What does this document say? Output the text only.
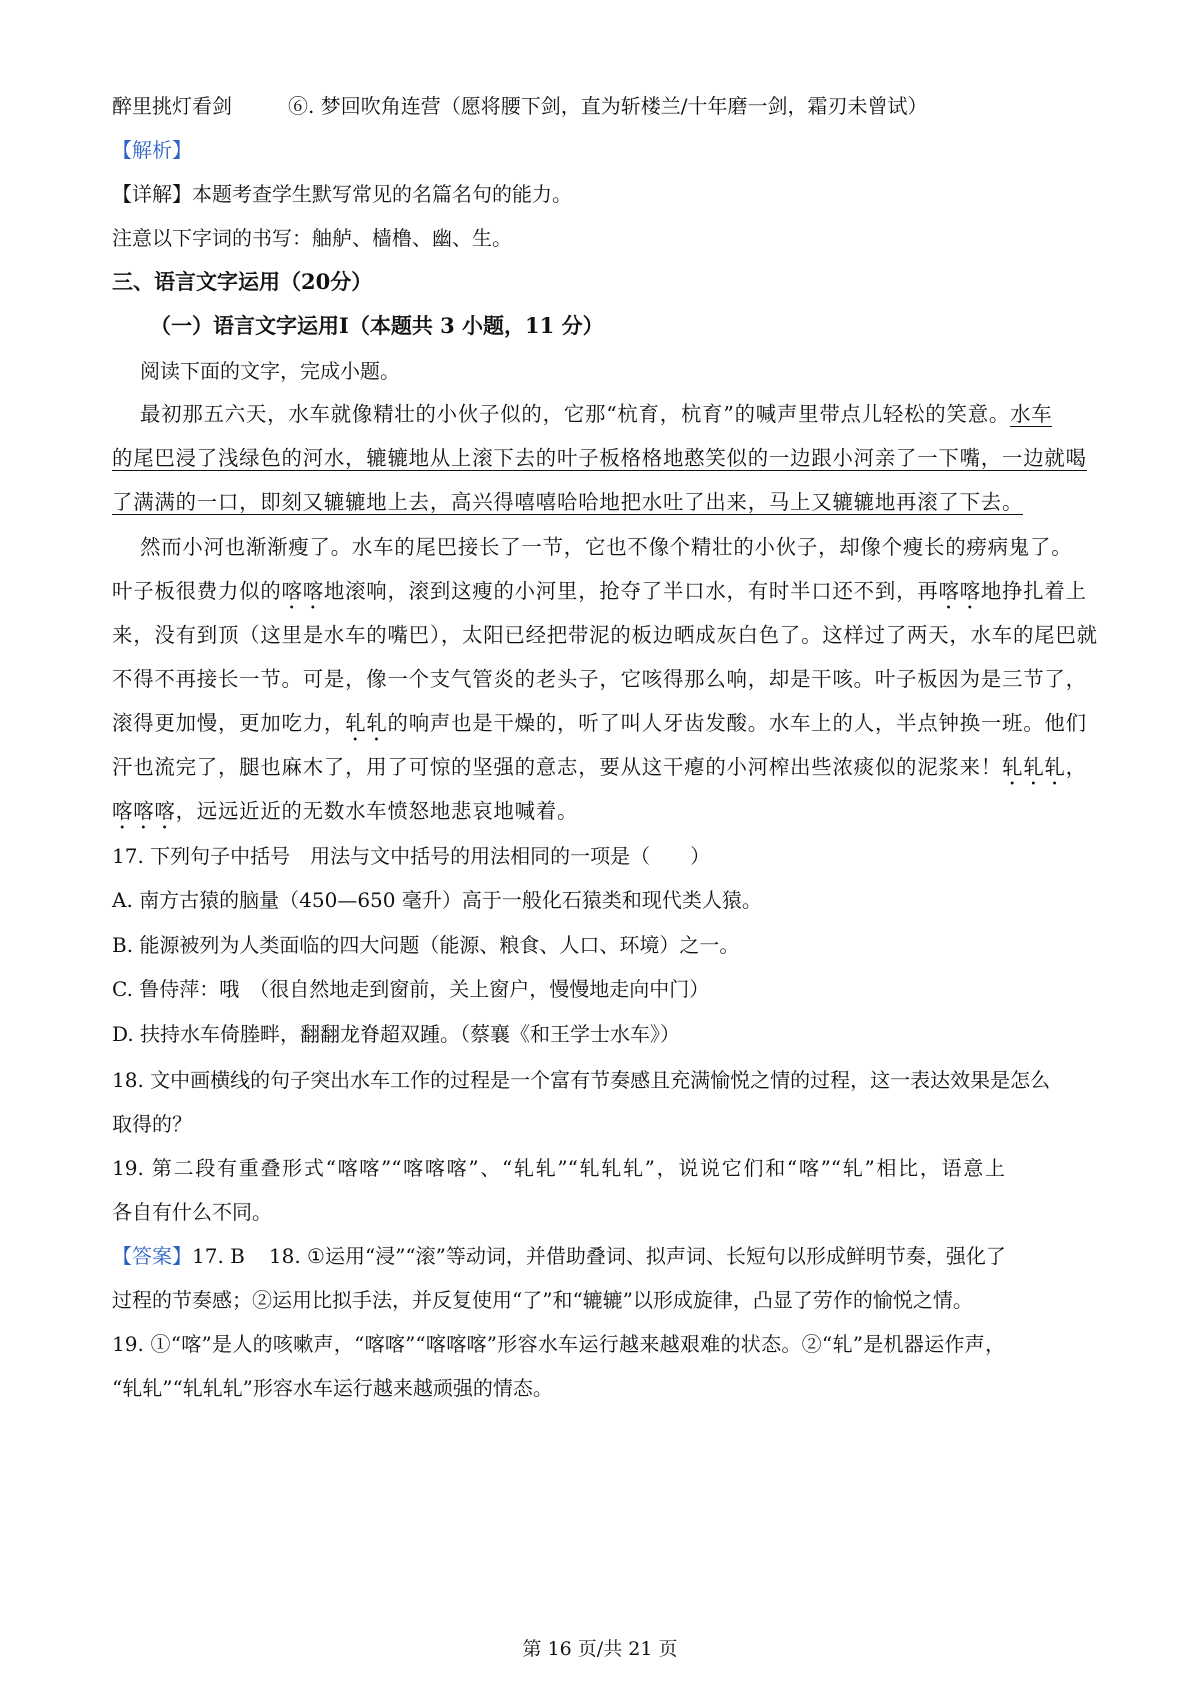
醉里挑灯看剑	⑥. 梦回吹角连营（愿将腰下剑，直为斩楼兰/十年磨一剑，霜刃未曾试）
【解析】
【详解】本题考查学生默写常见的名篇名句的能力。
注意以下字词的书写：舳舻、樯橹、幽、生。
三、语言文字运用（20分）
（一）语言文字运用Ⅰ（本题共 3 小题，11 分）
阅读下面的文字，完成小题。
最初那五六天，水车就像精壮的小伙子似的，它那“杭育，杭育”的喊声里带点儿轻松的笑意。水车
的尾巴浸了浅绿色的河水，辘辘地从上滚下去的叶子板格格地憨笑似的一边跟小河亲了一下嘴，一边就喝
了满满的一口，即刻又辘辘地上去，高兴得嘻嘻哈哈地把水吐了出来，马上又辘辘地再滚了下去。
然而小河也渐渐瘦了。水车的尾巴接长了一节，它也不像个精壮的小伙子，却像个瘦长的痨病鬼了。
叶子板很费力似的喀喀地滚响，滚到这瘦的小河里，抢夺了半口水，有时半口还不到，再喀喀地挣扎着上
来，没有到顶（这里是水车的嘴巴），太阳已经把带泥的板边晒成灰白色了。这样过了两天，水车的尾巴就
不得不再接长一节。可是，像一个支气管炎的老头子，它咳得那么响，却是干咳。叶子板因为是三节了，
滚得更加慢，更加吃力，轧轧的响声也是干燥的，听了叫人牙齿发酸。水车上的人，半点钟换一班。他们
汗也流完了，腿也麻木了，用了可惊的坚强的意志，要从这干瘪的小河榨出些浓痰似的泥浆来！轧轧轧，
喀喀喀，远远近近的无数水车愤怒地悲哀地喊着。
17. 下列句子中括号　用法与文中括号的用法相同的一项是（　　）
A. 南方古猿的脑量（450—650 毫升）高于一般化石猿类和现代类人猿。
B. 能源被列为人类面临的四大问题（能源、粮食、人口、环境）之一。
C. 鲁侍萍：哦　（很自然地走到窗前，关上窗户，慢慢地走向中门）
D. 扶持水车倚塍畔，翻翻龙脊超双踵。（蔡襄《和王学士水车》）
18. 文中画横线的句子突出水车工作的过程是一个富有节奏感且充满愉悦之情的过程，这一表达效果是怎么
取得的？
19. 第二段有重叠形式“喀喀”“喀喀喀”、“轧轧”“轧轧轧”，说说它们和“喀”“轧”相比，语意上
各自有什么不同。
【答案】17. B 18. ①运用“浸”“滚”等动词，并借助叠词、拟声词、长短句以形成鲜明节奏，强化了
过程的节奏感；②运用比拟手法，并反复使用“了”和“辘辘”以形成旋律，凸显了劳作的愉悦之情。
19. ①“喀”是人的咳嗽声，“喀喀”“喀喀喀”形容水车运行越来越艰难的状态。②“轧”是机器运作声，
“轧轧”“轧轧轧”形容水车运行越来越顽强的情态。
第 16 页/共 21 页
